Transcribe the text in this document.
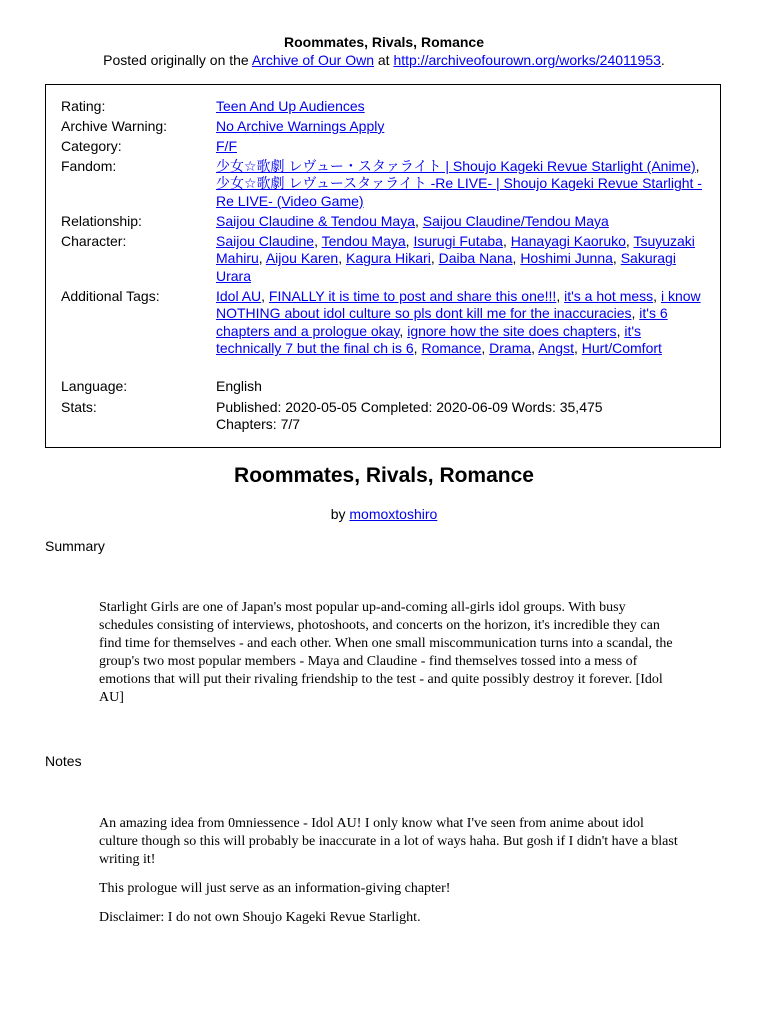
Roommates, Rivals, Romance
Posted originally on the Archive of Our Own at http://archiveofourown.org/works/24011953.
Rating:	Teen And Up Audiences
Archive Warning:	No Archive Warnings Apply
Category:	F/F
Fandom:	少女☆歌劇 レヴュー・スタァライト | Shoujo Kageki Revue Starlight (Anime), 少女☆歌劇 レヴュースタァライト -Re LIVE- | Shoujo Kageki Revue Starlight -Re LIVE- (Video Game)
Relationship:	Saijou Claudine & Tendou Maya, Saijou Claudine/Tendou Maya
Character:	Saijou Claudine, Tendou Maya, Isurugi Futaba, Hanayagi Kaoruko, Tsuyuzaki Mahiru, Aijou Karen, Kagura Hikari, Daiba Nana, Hoshimi Junna, Sakuragi Urara
Additional Tags:	Idol AU, FINALLY it is time to post and share this one!!!, it's a hot mess, i know NOTHING about idol culture so pls dont kill me for the inaccuracies, it's 6 chapters and a prologue okay, ignore how the site does chapters, it's technically 7 but the final ch is 6, Romance, Drama, Angst, Hurt/Comfort
Language:	English
Stats:	Published: 2020-05-05 Completed: 2020-06-09 Words: 35,475
Chapters: 7/7
Roommates, Rivals, Romance
by momoxtoshiro
Summary

Starlight Girls are one of Japan's most popular up-and-coming all-girls idol groups. With busy schedules consisting of interviews, photoshoots, and concerts on the horizon, it's incredible they can find time for themselves - and each other. When one small miscommunication turns into a scandal, the group's two most popular members - Maya and Claudine - find themselves tossed into a mess of emotions that will put their rivaling friendship to the test - and quite possibly destroy it forever. [Idol AU]

Notes

An amazing idea from 0mniessence - Idol AU! I only know what I've seen from anime about idol culture though so this will probably be inaccurate in a lot of ways haha. But gosh if I didn't have a blast writing it!

This prologue will just serve as an information-giving chapter!

Disclaimer: I do not own Shoujo Kageki Revue Starlight.
